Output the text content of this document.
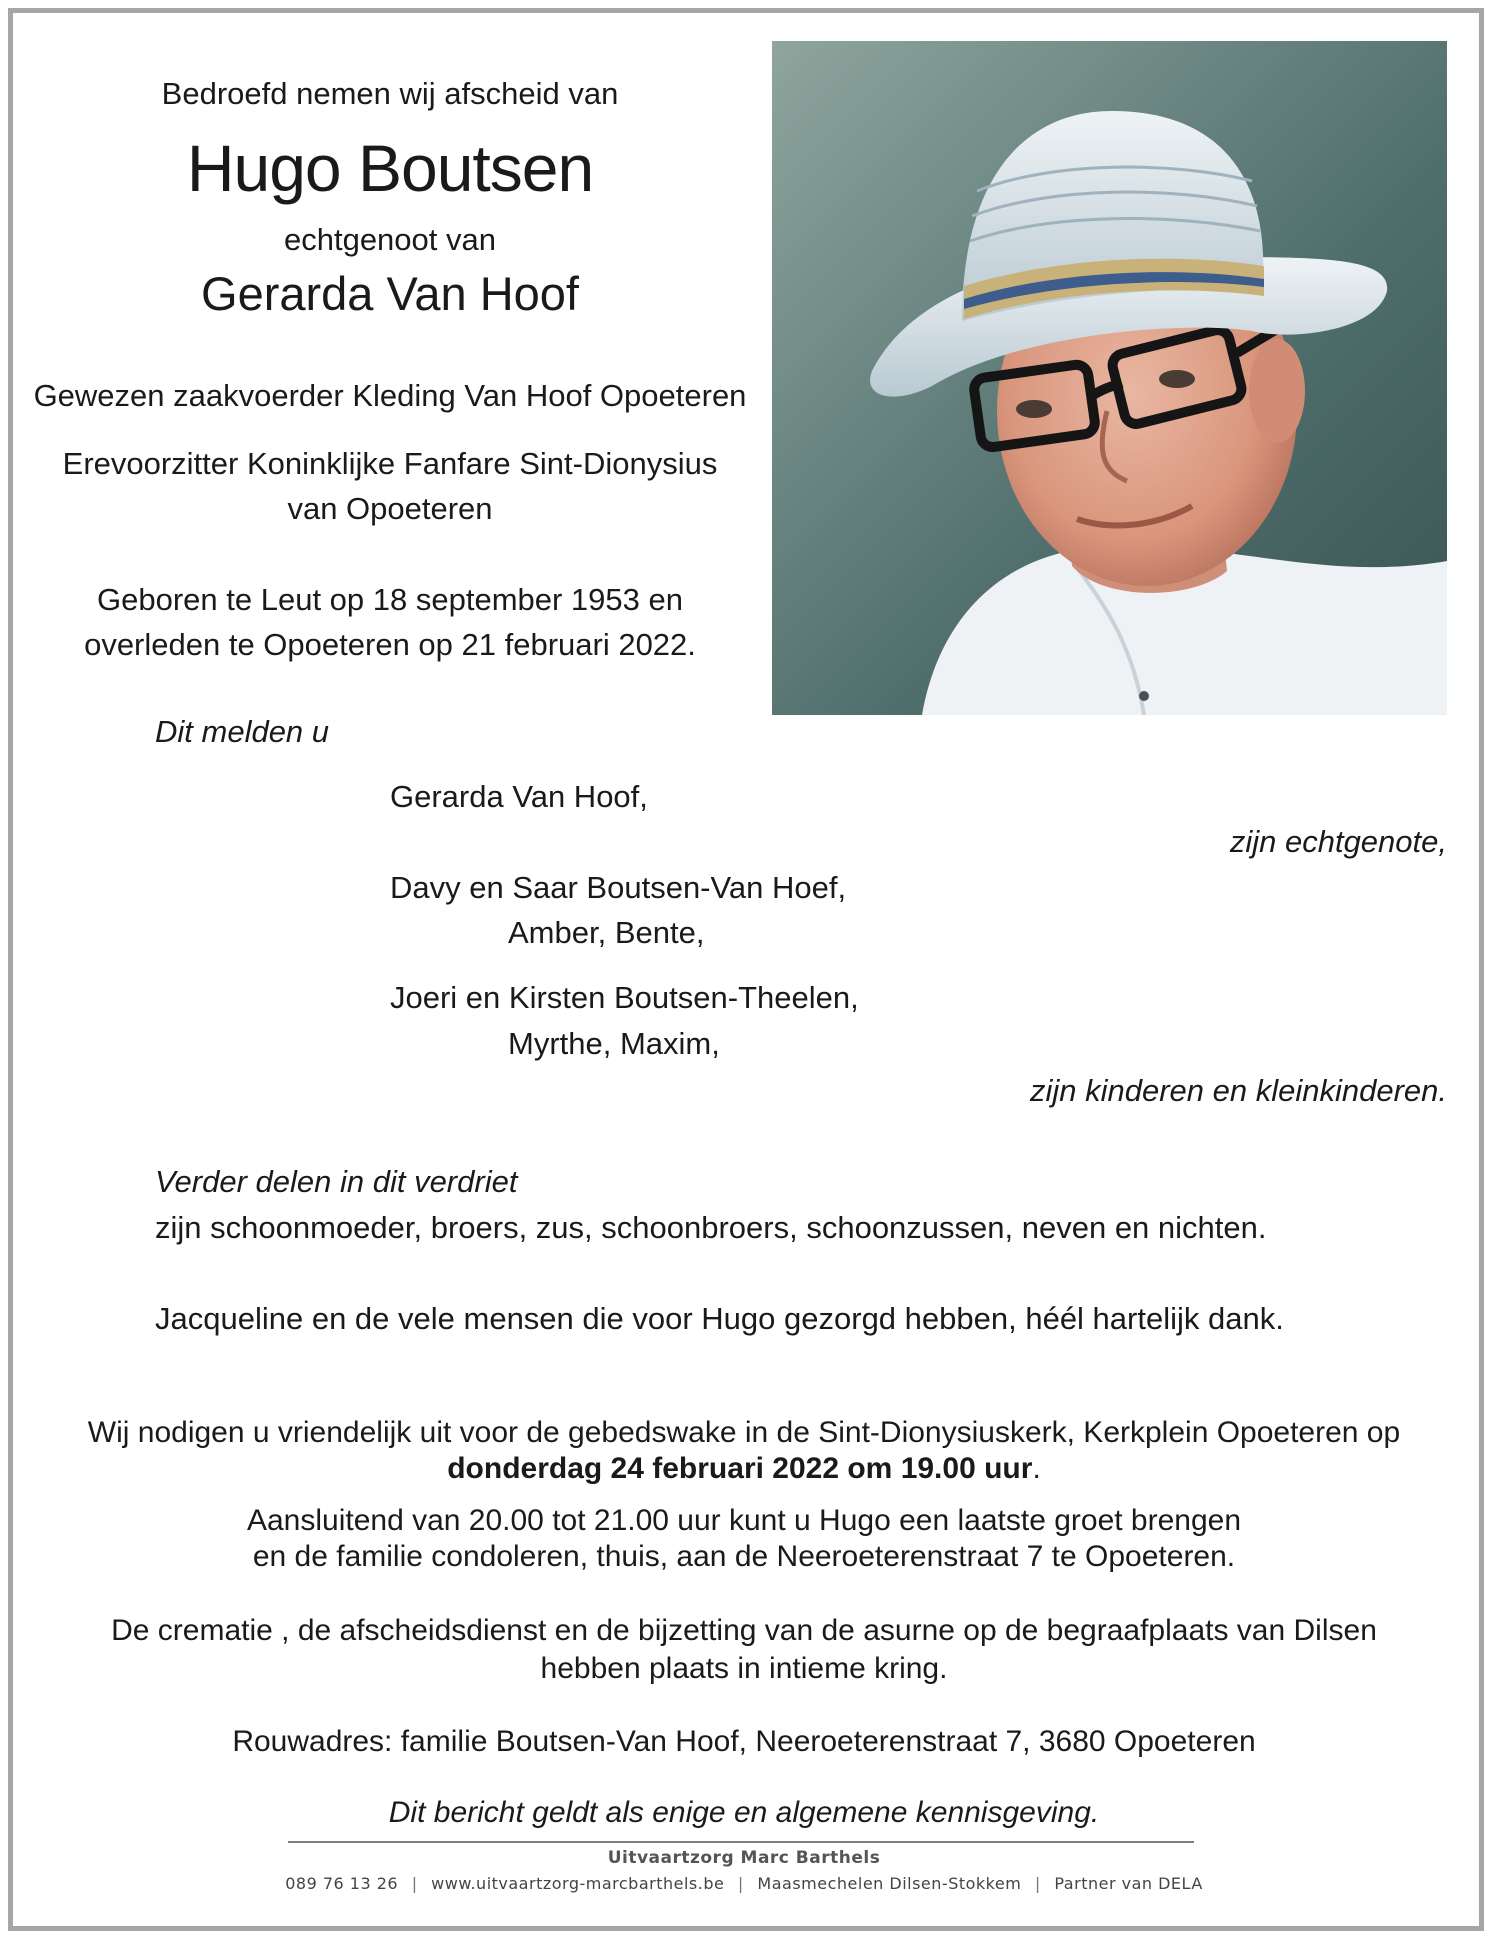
Bedroefd nemen wij afscheid van
Hugo Boutsen
echtgenoot van
Gerarda Van Hoof
Gewezen zaakvoerder Kleding Van Hoof Opoeteren
Erevoorzitter Koninklijke Fanfare Sint-Dionysius
van Opoeteren
Geboren te Leut op 18 september 1953 en
overleden te Opoeteren op 21 februari 2022.
Dit melden u
Gerarda Van Hoof,
zijn echtgenote,
Davy en Saar Boutsen-Van Hoef,
Amber, Bente,
Joeri en Kirsten Boutsen-Theelen,
Myrthe, Maxim,
zijn kinderen en kleinkinderen.
Verder delen in dit verdriet
zijn schoonmoeder, broers, zus, schoonbroers, schoonzussen, neven en nichten.
Jacqueline en de vele mensen die voor Hugo gezorgd hebben, héél hartelijk dank.
Wij nodigen u vriendelijk uit voor de gebedswake in de Sint-Dionysiuskerk, Kerkplein Opoeteren op
donderdag 24 februari 2022 om 19.00 uur.
Aansluitend van 20.00 tot 21.00 uur kunt u Hugo een laatste groet brengen
en de familie condoleren, thuis, aan de Neeroeterenstraat 7 te Opoeteren.
De crematie , de afscheidsdienst en de bijzetting van de asurne op de begraafplaats van Dilsen
hebben plaats in intieme kring.
Rouwadres: familie Boutsen-Van Hoof, Neeroeterenstraat 7, 3680 Opoeteren
Dit bericht geldt als enige en algemene kennisgeving.
Uitvaartzorg Marc Barthels
089 76 13 26 | www.uitvaartzorg-marcbarthels.be | Maasmechelen Dilsen-Stokkem | Partner van DELA
